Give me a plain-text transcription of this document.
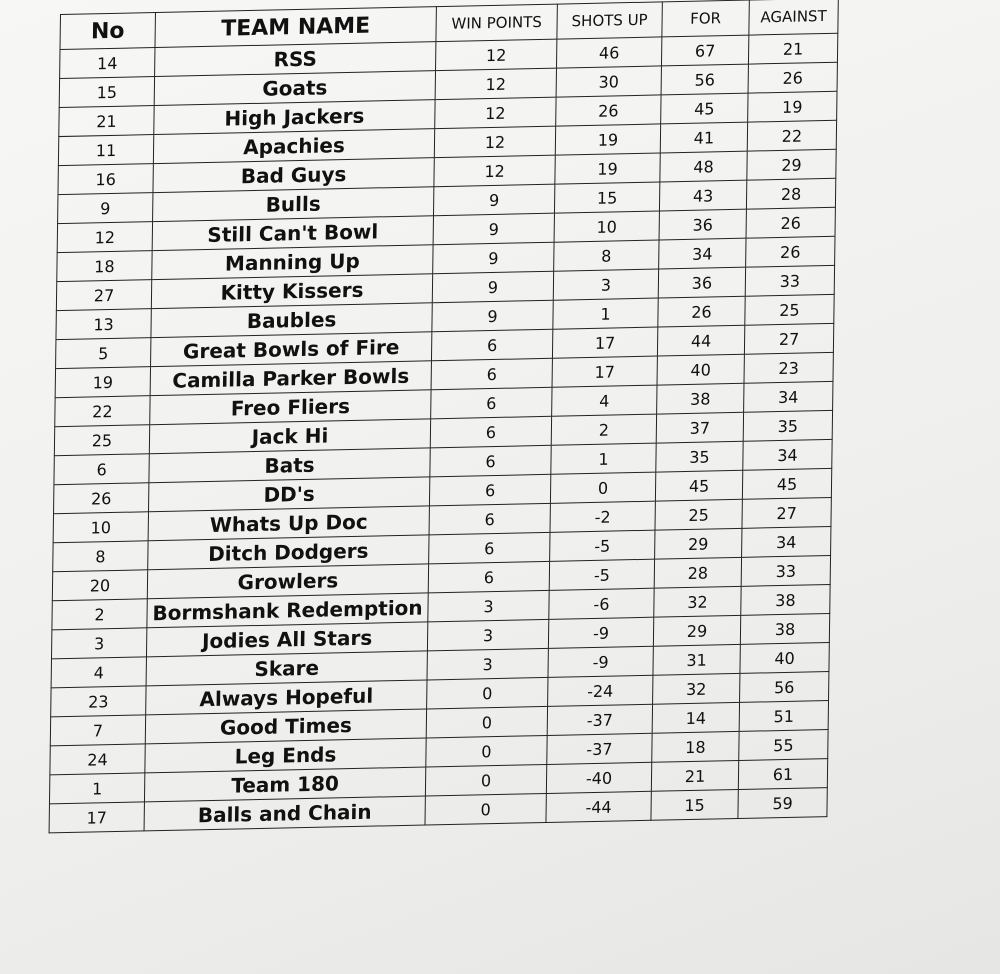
No	TEAM NAME	WIN POINTS	SHOTS UP	FOR	AGAINST
14	RSS	12	46	67	21
15	Goats	12	30	56	26
21	High Jackers	12	26	45	19
11	Apachies	12	19	41	22
16	Bad Guys	12	19	48	29
9	Bulls	9	15	43	28
12	Still Can't Bowl	9	10	36	26
18	Manning Up	9	8	34	26
27	Kitty Kissers	9	3	36	33
13	Baubles	9	1	26	25
5	Great Bowls of Fire	6	17	44	27
19	Camilla Parker Bowls	6	17	40	23
22	Freo Fliers	6	4	38	34
25	Jack Hi	6	2	37	35
6	Bats	6	1	35	34
26	DD's	6	0	45	45
10	Whats Up Doc	6	-2	25	27
8	Ditch Dodgers	6	-5	29	34
20	Growlers	6	-5	28	33
2	Bormshank Redemption	3	-6	32	38
3	Jodies All Stars	3	-9	29	38
4	Skare	3	-9	31	40
23	Always Hopeful	0	-24	32	56
7	Good Times	0	-37	14	51
24	Leg Ends	0	-37	18	55
1	Team 180	0	-40	21	61
17	Balls and Chain	0	-44	15	59
